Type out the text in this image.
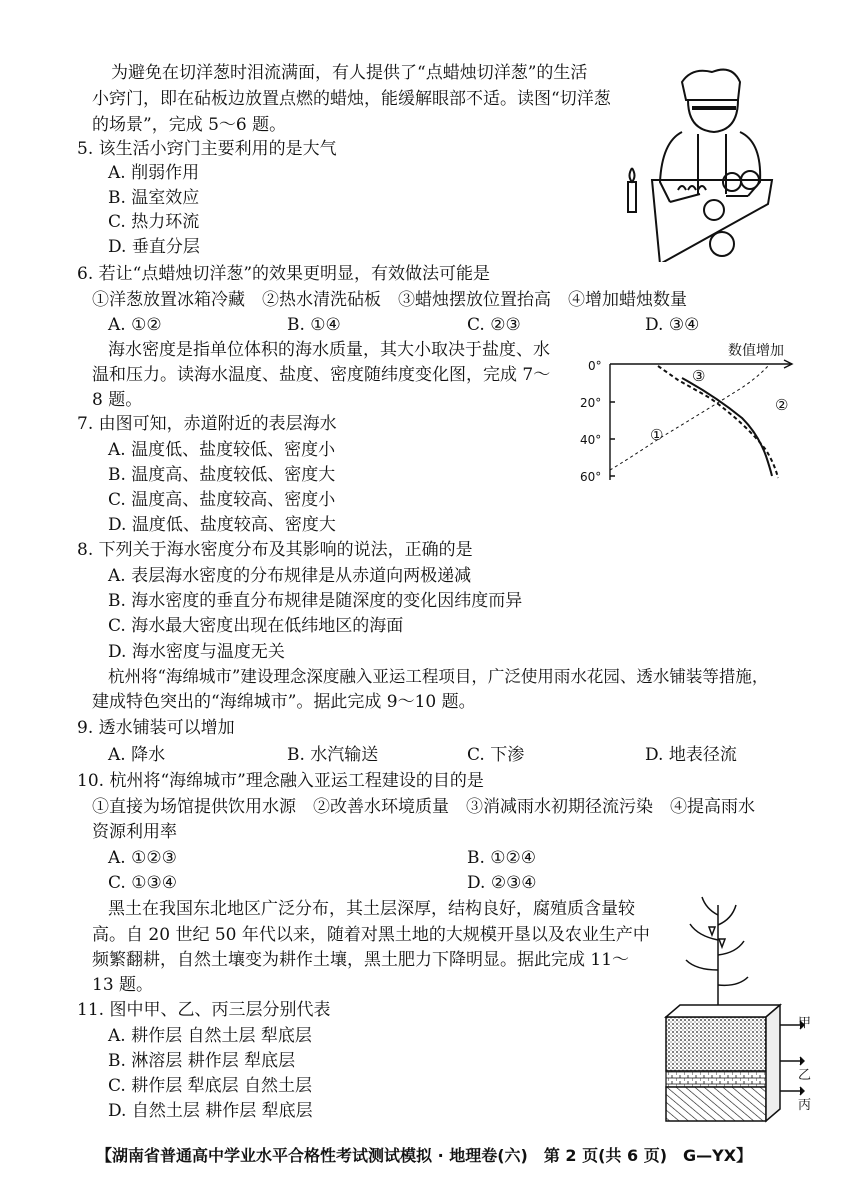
为避免在切洋葱时泪流满面，有人提供了“点蜡烛切洋葱”的生活
小窍门，即在砧板边放置点燃的蜡烛，能缓解眼部不适。读图“切洋葱
的场景”，完成 5～6 题。
5. 该生活小窍门主要利用的是大气
A. 削弱作用
B. 温室效应
C. 热力环流
D. 垂直分层
6. 若让“点蜡烛切洋葱”的效果更明显，有效做法可能是
①洋葱放置冰箱冷藏　②热水清洗砧板　③蜡烛摆放位置抬高　④增加蜡烛数量
A. ①②	B. ①④	C. ②③	D. ③④
海水密度是指单位体积的海水质量，其大小取决于盐度、水
温和压力。读海水温度、盐度、密度随纬度变化图，完成 7～
8 题。
数值增加
0°
20°
40°
60°
③
②
①
7. 由图可知，赤道附近的表层海水
A. 温度低、盐度较低、密度小
B. 温度高、盐度较低、密度大
C. 温度高、盐度较高、密度小
D. 温度低、盐度较高、密度大
8. 下列关于海水密度分布及其影响的说法，正确的是
A. 表层海水密度的分布规律是从赤道向两极递减
B. 海水密度的垂直分布规律是随深度的变化因纬度而异
C. 海水最大密度出现在低纬地区的海面
D. 海水密度与温度无关
杭州将“海绵城市”建设理念深度融入亚运工程项目，广泛使用雨水花园、透水铺装等措施，
建成特色突出的“海绵城市”。据此完成 9～10 题。
9. 透水铺装可以增加
A. 降水	B. 水汽输送	C. 下渗	D. 地表径流
10. 杭州将“海绵城市”理念融入亚运工程建设的目的是
①直接为场馆提供饮用水源　②改善水环境质量　③消减雨水初期径流污染　④提高雨水
资源利用率
A. ①②③	B. ①②④
C. ①③④	D. ②③④
黑土在我国东北地区广泛分布，其土层深厚，结构良好，腐殖质含量较
高。自 20 世纪 50 年代以来，随着对黑土地的大规模开垦以及农业生产中
频繁翻耕，自然土壤变为耕作土壤，黑土肥力下降明显。据此完成 11～
13 题。
11. 图中甲、乙、丙三层分别代表
A. 耕作层 自然土层 犁底层
B. 淋溶层 耕作层 犁底层
C. 耕作层 犁底层 自然土层
D. 自然土层 耕作层 犁底层
甲
乙
丙
【湖南省普通高中学业水平合格性考试测试模拟 · 地理卷(六)　第 2 页(共 6 页)　G—YX】
